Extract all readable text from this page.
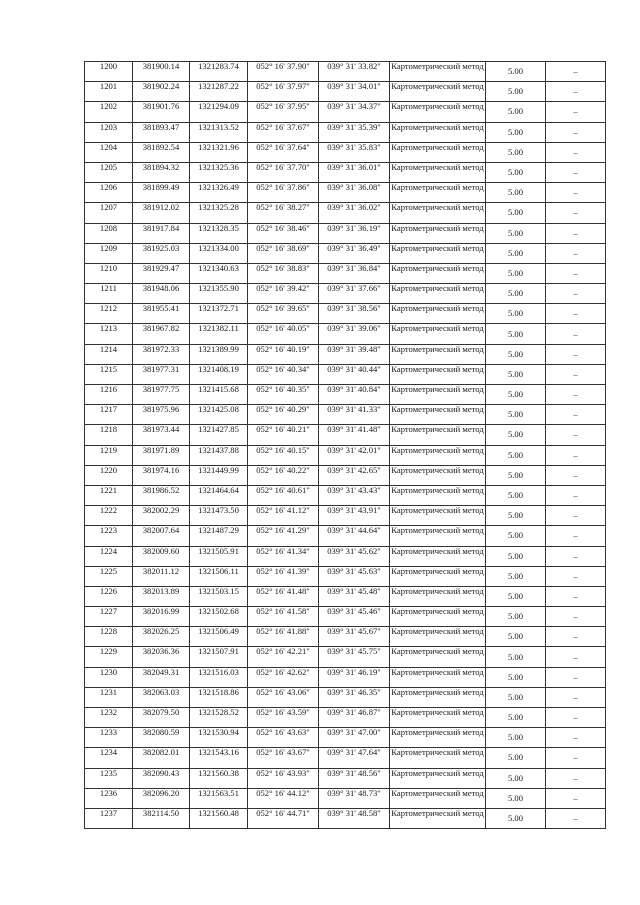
1200	381900.14	1321283.74	052° 16' 37.90"	039° 31' 33.82"	Картометрический метод	5.00	–
1201	381902.24	1321287.22	052° 16' 37.97"	039° 31' 34.01"	Картометрический метод	5.00	–
1202	381901.76	1321294.09	052° 16' 37.95"	039° 31' 34.37"	Картометрический метод	5.00	–
1203	381893.47	1321313.52	052° 16' 37.67"	039° 31' 35.39"	Картометрический метод	5.00	–
1204	381892.54	1321321.96	052° 16' 37.64"	039° 31' 35.83"	Картометрический метод	5.00	–
1205	381894.32	1321325.36	052° 16' 37.70"	039° 31' 36.01"	Картометрический метод	5.00	–
1206	381899.49	1321326.49	052° 16' 37.86"	039° 31' 36.08"	Картометрический метод	5.00	–
1207	381912.02	1321325.28	052° 16' 38.27"	039° 31' 36.02"	Картометрический метод	5.00	–
1208	381917.84	1321328.35	052° 16' 38.46"	039° 31' 36.19"	Картометрический метод	5.00	–
1209	381925.03	1321334.00	052° 16' 38.69"	039° 31' 36.49"	Картометрический метод	5.00	–
1210	381929.47	1321340.63	052° 16' 38.83"	039° 31' 36.84"	Картометрический метод	5.00	–
1211	381948.06	1321355.90	052° 16' 39.42"	039° 31' 37.66"	Картометрический метод	5.00	–
1212	381955.41	1321372.71	052° 16' 39.65"	039° 31' 38.56"	Картометрический метод	5.00	–
1213	381967.82	1321382.11	052° 16' 40.05"	039° 31' 39.06"	Картометрический метод	5.00	–
1214	381972.33	1321389.99	052° 16' 40.19"	039° 31' 39.48"	Картометрический метод	5.00	–
1215	381977.31	1321408.19	052° 16' 40.34"	039° 31' 40.44"	Картометрический метод	5.00	–
1216	381977.75	1321415.68	052° 16' 40.35"	039° 31' 40.84"	Картометрический метод	5.00	–
1217	381975.96	1321425.08	052° 16' 40.29"	039° 31' 41.33"	Картометрический метод	5.00	–
1218	381973.44	1321427.85	052° 16' 40.21"	039° 31' 41.48"	Картометрический метод	5.00	–
1219	381971.89	1321437.88	052° 16' 40.15"	039° 31' 42.01"	Картометрический метод	5.00	–
1220	381974.16	1321449.99	052° 16' 40.22"	039° 31' 42.65"	Картометрический метод	5.00	–
1221	381986.52	1321464.64	052° 16' 40.61"	039° 31' 43.43"	Картометрический метод	5.00	–
1222	382002.29	1321473.50	052° 16' 41.12"	039° 31' 43.91"	Картометрический метод	5.00	–
1223	382007.64	1321487.29	052° 16' 41.29"	039° 31' 44.64"	Картометрический метод	5.00	–
1224	382009.60	1321505.91	052° 16' 41.34"	039° 31' 45.62"	Картометрический метод	5.00	–
1225	382011.12	1321506.11	052° 16' 41.39"	039° 31' 45.63"	Картометрический метод	5.00	–
1226	382013.89	1321503.15	052° 16' 41.48"	039° 31' 45.48"	Картометрический метод	5.00	–
1227	382016.99	1321502.68	052° 16' 41.58"	039° 31' 45.46"	Картометрический метод	5.00	–
1228	382026.25	1321506.49	052° 16' 41.88"	039° 31' 45.67"	Картометрический метод	5.00	–
1229	382036.36	1321507.91	052° 16' 42.21"	039° 31' 45.75"	Картометрический метод	5.00	–
1230	382049.31	1321516.03	052° 16' 42.62"	039° 31' 46.19"	Картометрический метод	5.00	–
1231	382063.03	1321518.86	052° 16' 43.06"	039° 31' 46.35"	Картометрический метод	5.00	–
1232	382079.50	1321528.52	052° 16' 43.59"	039° 31' 46.87"	Картометрический метод	5.00	–
1233	382080.59	1321530.94	052° 16' 43.63"	039° 31' 47.00"	Картометрический метод	5.00	–
1234	382082.01	1321543.16	052° 16' 43.67"	039° 31' 47.64"	Картометрический метод	5.00	–
1235	382090.43	1321560.38	052° 16' 43.93"	039° 31' 48.56"	Картометрический метод	5.00	–
1236	382096.20	1321563.51	052° 16' 44.12"	039° 31' 48.73"	Картометрический метод	5.00	–
1237	382114.50	1321560.48	052° 16' 44.71"	039° 31' 48.58"	Картометрический метод	5.00	–
